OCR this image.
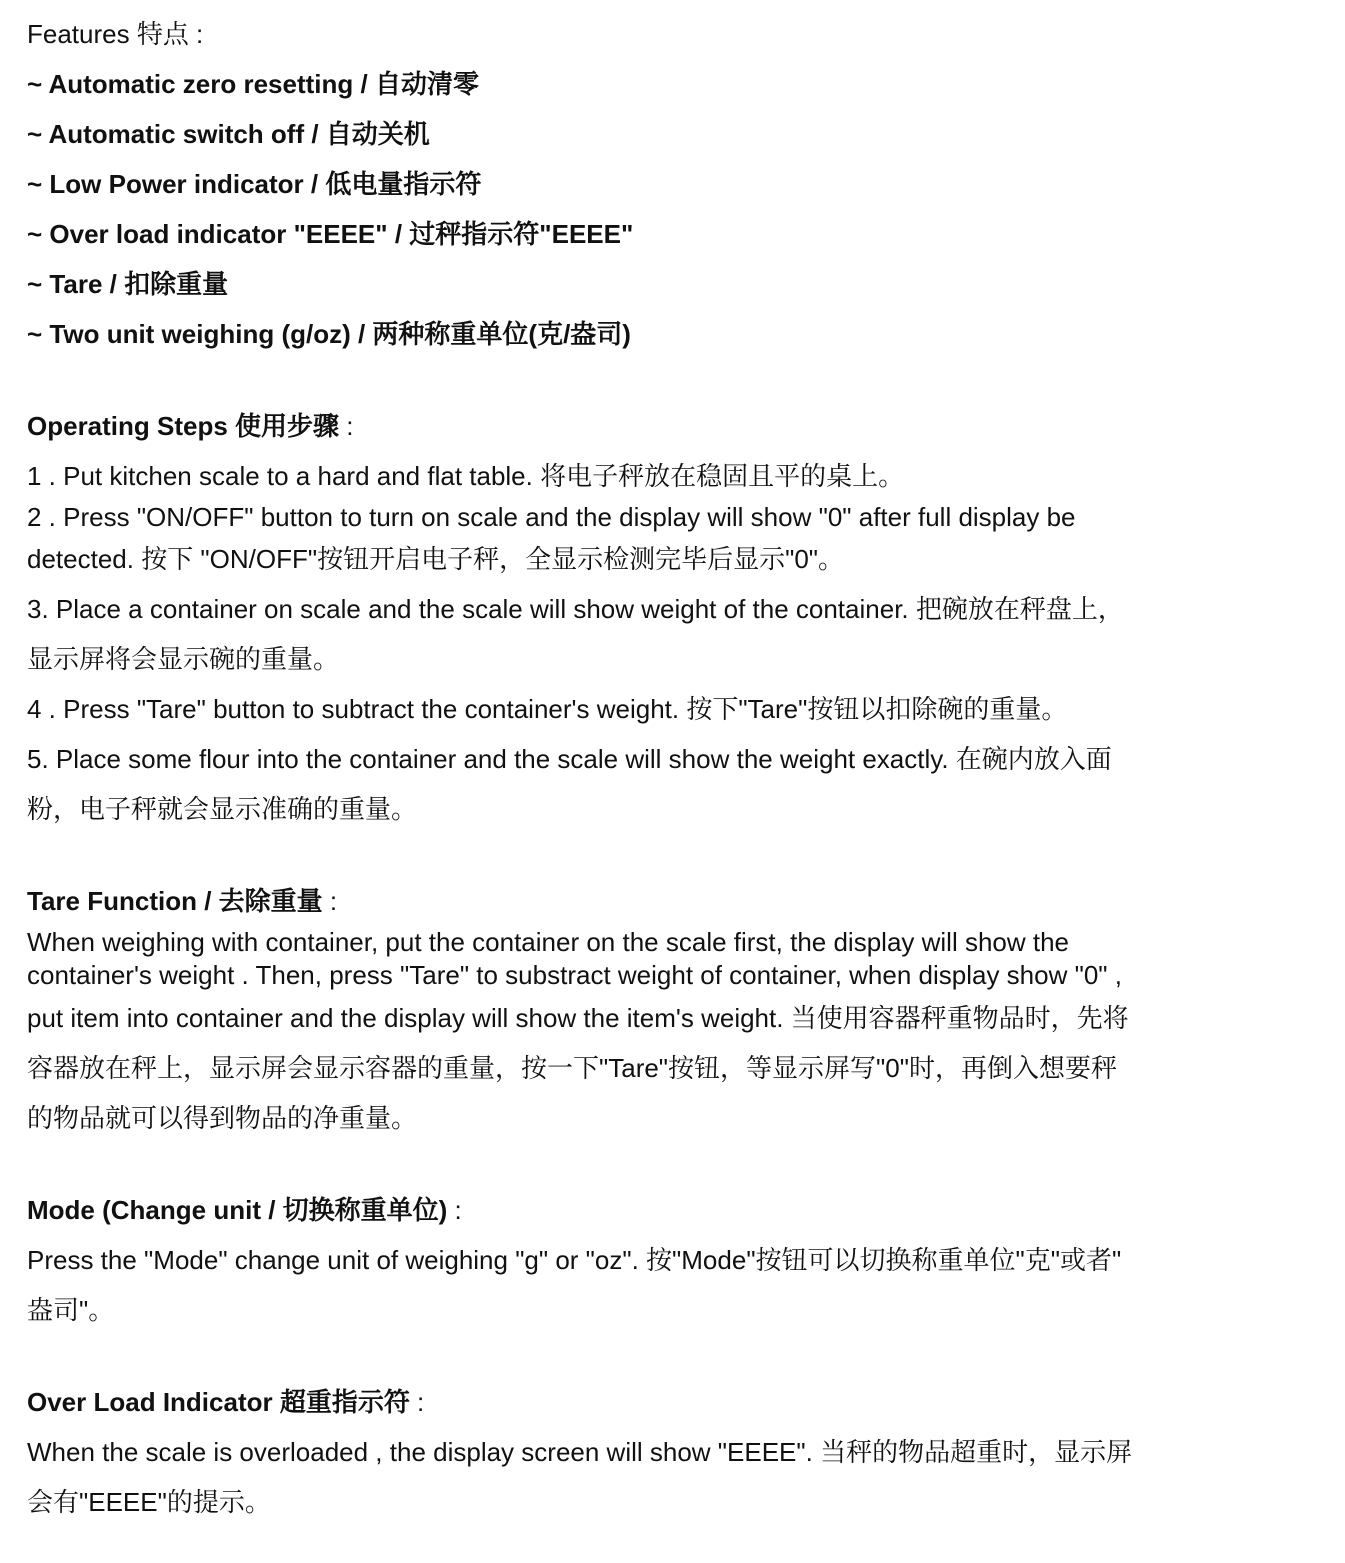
Features 特点 :
~ Automatic zero resetting / 自动清零
~ Automatic switch off / 自动关机
~ Low Power indicator / 低电量指示符
~ Over load indicator "EEEE" / 过秤指示符"EEEE"
~ Tare / 扣除重量
~ Two unit weighing (g/oz) / 两种称重单位(克/盎司)
Operating Steps 使用步骤 :
1 . Put kitchen scale to a hard and flat table. 将电子秤放在稳固且平的桌上。
2 . Press "ON/OFF" button to turn on scale and the display will show "0" after full display be
detected. 按下 "ON/OFF"按钮开启电子秤，全显示检测完毕后显示"0"。
3. Place a container on scale and the scale will show weight of the container. 把碗放在秤盘上，
显示屏将会显示碗的重量。
4 . Press "Tare" button to subtract the container's weight. 按下"Tare"按钮以扣除碗的重量。
5. Place some flour into the container and the scale will show the weight exactly. 在碗内放入面
粉，电子秤就会显示准确的重量。
Tare Function / 去除重量 :
When weighing with container, put the container on the scale first, the display will show the
container's weight . Then, press "Tare" to substract weight of container, when display show "0" ,
put item into container and the display will show the item's weight. 当使用容器秤重物品时，先将
容器放在秤上，显示屏会显示容器的重量，按一下"Tare"按钮，等显示屏写"0"时，再倒入想要秤
的物品就可以得到物品的净重量。
Mode (Change unit / 切换称重单位) :
Press the "Mode" change unit of weighing "g" or "oz". 按"Mode"按钮可以切换称重单位"克"或者"
盎司"。
Over Load Indicator 超重指示符 :
When the scale is overloaded , the display screen will show "EEEE". 当秤的物品超重时，显示屏
会有"EEEE"的提示。
